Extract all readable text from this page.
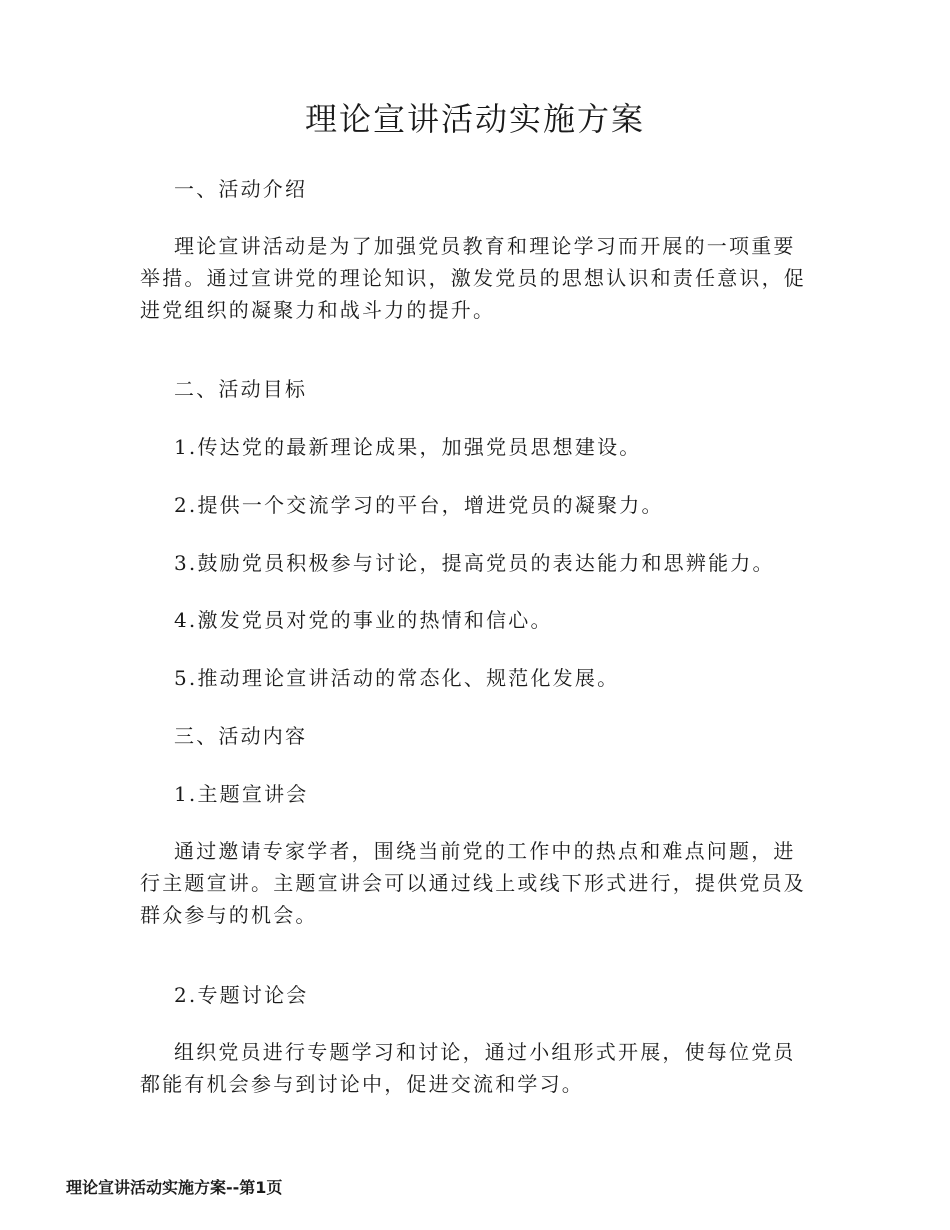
理论宣讲活动实施方案

一、活动介绍

理论宣讲活动是为了加强党员教育和理论学习而开展的一项重要举措。通过宣讲党的理论知识，激发党员的思想认识和责任意识，促进党组织的凝聚力和战斗力的提升。

二、活动目标

1.传达党的最新理论成果，加强党员思想建设。

2.提供一个交流学习的平台，增进党员的凝聚力。

3.鼓励党员积极参与讨论，提高党员的表达能力和思辨能力。

4.激发党员对党的事业的热情和信心。

5.推动理论宣讲活动的常态化、规范化发展。

三、活动内容

1.主题宣讲会

通过邀请专家学者，围绕当前党的工作中的热点和难点问题，进行主题宣讲。主题宣讲会可以通过线上或线下形式进行，提供党员及群众参与的机会。

2.专题讨论会

组织党员进行专题学习和讨论，通过小组形式开展，使每位党员都能有机会参与到讨论中，促进交流和学习。

理论宣讲活动实施方案--第1页
